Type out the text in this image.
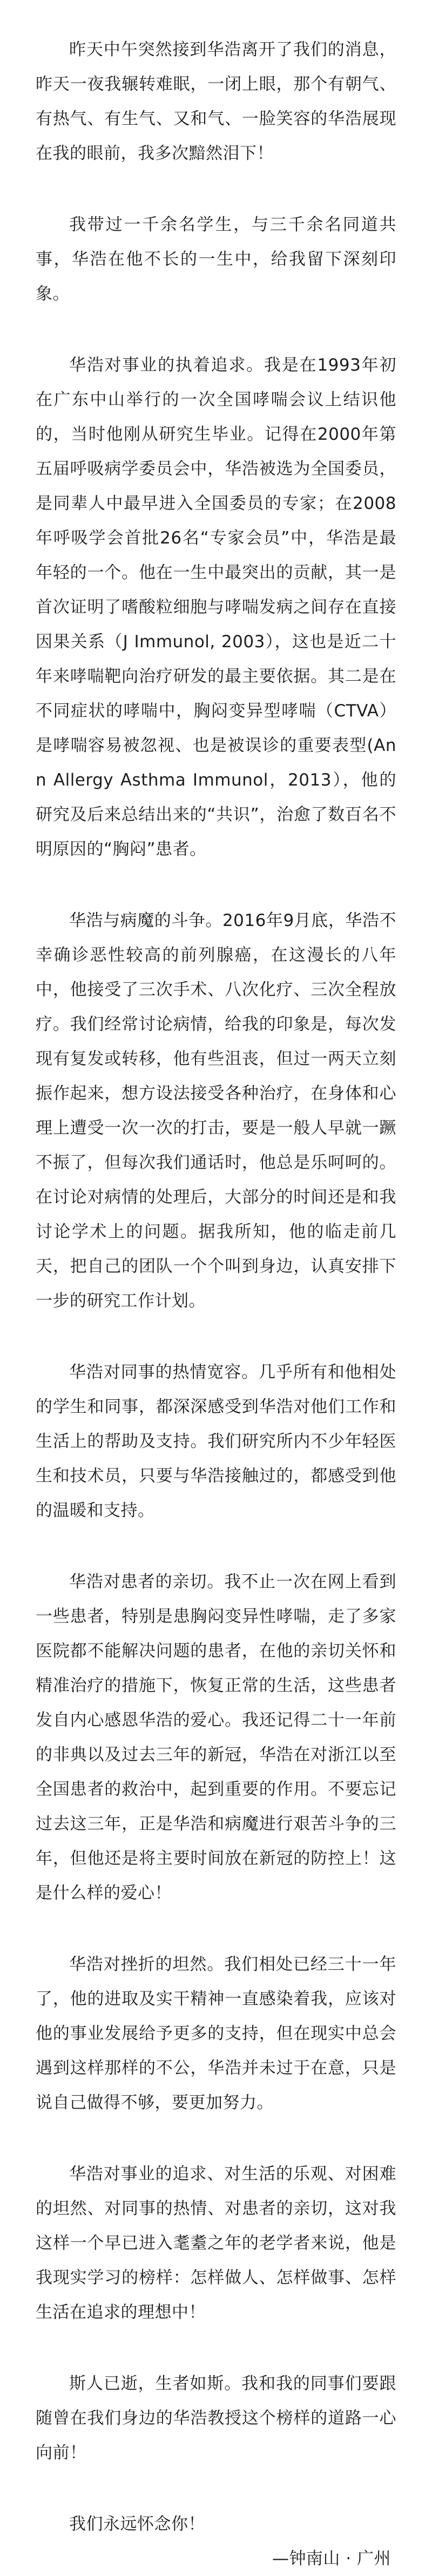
昨天中午突然接到华浩离开了我们的消息，昨天一夜我辗转难眠，一闭上眼，那个有朝气、有热气、有生气、又和气、一脸笑容的华浩展现在我的眼前，我多次黯然泪下！

我带过一千余名学生，与三千余名同道共事，华浩在他不长的一生中，给我留下深刻印象。

华浩对事业的执着追求。我是在1993年初在广东中山举行的一次全国哮喘会议上结识他的，当时他刚从研究生毕业。记得在2000年第五届呼吸病学委员会中，华浩被选为全国委员，是同辈人中最早进入全国委员的专家；在2008年呼吸学会首批26名“专家会员”中，华浩是最年轻的一个。他在一生中最突出的贡献，其一是首次证明了嗜酸粒细胞与哮喘发病之间存在直接因果关系（J Immunol, 2003），这也是近二十年来哮喘靶向治疗研发的最主要依据。其二是在不同症状的哮喘中，胸闷变异型哮喘（CTVA）是哮喘容易被忽视、也是被误诊的重要表型(Ann Allergy Asthma Immunol，2013），他的研究及后来总结出来的“共识”，治愈了数百名不明原因的“胸闷”患者。

华浩与病魔的斗争。2016年9月底，华浩不幸确诊恶性较高的前列腺癌，在这漫长的八年中，他接受了三次手术、八次化疗、三次全程放疗。我们经常讨论病情，给我的印象是，每次发现有复发或转移，他有些沮丧，但过一两天立刻振作起来，想方设法接受各种治疗，在身体和心理上遭受一次一次的打击，要是一般人早就一蹶不振了，但每次我们通话时，他总是乐呵呵的。在讨论对病情的处理后，大部分的时间还是和我讨论学术上的问题。据我所知，他的临走前几天，把自己的团队一个个叫到身边，认真安排下一步的研究工作计划。

华浩对同事的热情宽容。几乎所有和他相处的学生和同事，都深深感受到华浩对他们工作和生活上的帮助及支持。我们研究所内不少年轻医生和技术员，只要与华浩接触过的，都感受到他的温暖和支持。

华浩对患者的亲切。我不止一次在网上看到一些患者，特别是患胸闷变异性哮喘，走了多家医院都不能解决问题的患者，在他的亲切关怀和精准治疗的措施下，恢复正常的生活，这些患者发自内心感恩华浩的爱心。我还记得二十一年前的非典以及过去三年的新冠，华浩在对浙江以至全国患者的救治中，起到重要的作用。不要忘记过去这三年，正是华浩和病魔进行艰苦斗争的三年，但他还是将主要时间放在新冠的防控上！这是什么样的爱心！

华浩对挫折的坦然。我们相处已经三十一年了，他的进取及实干精神一直感染着我，应该对他的事业发展给予更多的支持，但在现实中总会遇到这样那样的不公，华浩并未过于在意，只是说自己做得不够，要更加努力。

华浩对事业的追求、对生活的乐观、对困难的坦然、对同事的热情、对患者的亲切，这对我这样一个早已进入耄耋之年的老学者来说，他是我现实学习的榜样：怎样做人、怎样做事、怎样生活在追求的理想中！

斯人已逝，生者如斯。我和我的同事们要跟随曾在我们身边的华浩教授这个榜样的道路一心向前！

我们永远怀念你！

—钟南山 · 广州
